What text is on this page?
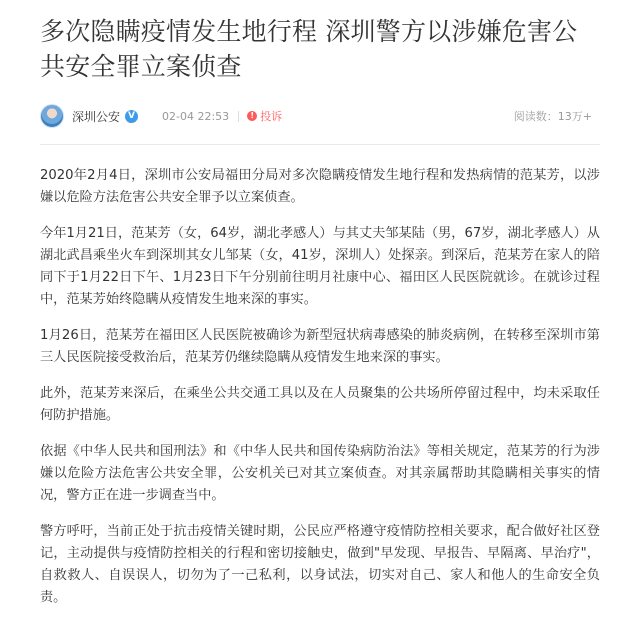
多次隐瞒疫情发生地行程 深圳警方以涉嫌危害公共安全罪立案侦查
深圳公安 V 02-04 22:53	! 投诉	阅读数：13万+

2020年2月4日，深圳市公安局福田分局对多次隐瞒疫情发生地行程和发热病情的范某芳，以涉嫌以危险方法危害公共安全罪予以立案侦查。

今年1月21日，范某芳（女，64岁，湖北孝感人）与其丈夫邹某陆（男，67岁，湖北孝感人）从湖北武昌乘坐火车到深圳其女儿邹某（女，41岁，深圳人）处探亲。到深后，范某芳在家人的陪同下于1月22日下午、1月23日下午分别前往明月社康中心、福田区人民医院就诊。在就诊过程中，范某芳始终隐瞒从疫情发生地来深的事实。

1月26日，范某芳在福田区人民医院被确诊为新型冠状病毒感染的肺炎病例，在转移至深圳市第三人民医院接受救治后，范某芳仍继续隐瞒从疫情发生地来深的事实。

此外，范某芳来深后，在乘坐公共交通工具以及在人员聚集的公共场所停留过程中，均未采取任何防护措施。

依据《中华人民共和国刑法》和《中华人民共和国传染病防治法》等相关规定，范某芳的行为涉嫌以危险方法危害公共安全罪，公安机关已对其立案侦查。对其亲属帮助其隐瞒相关事实的情况，警方正在进一步调查当中。

警方呼吁，当前正处于抗击疫情关键时期，公民应严格遵守疫情防控相关要求，配合做好社区登记，主动提供与疫情防控相关的行程和密切接触史，做到"早发现、早报告、早隔离、早治疗"，自救救人、自误误人，切勿为了一己私利，以身试法，切实对自己、家人和他人的生命安全负责。
